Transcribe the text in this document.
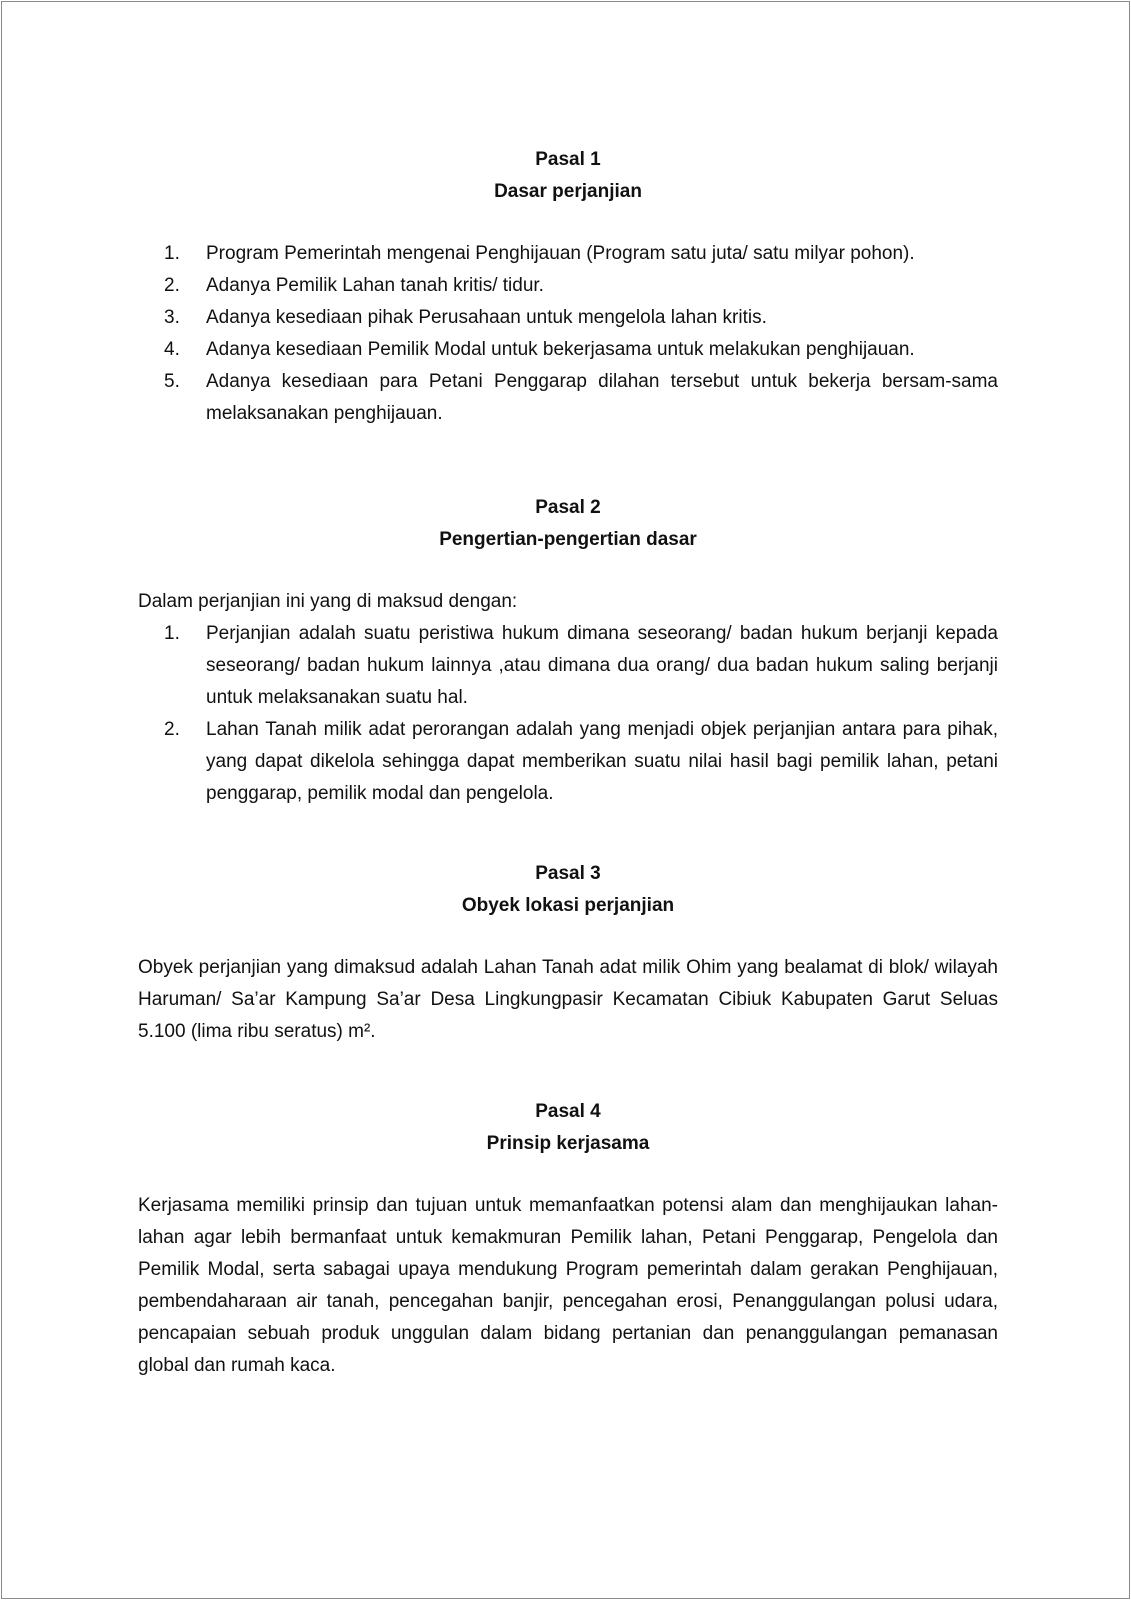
Pasal 1
Dasar perjanjian
1. Program Pemerintah mengenai Penghijauan (Program satu juta/ satu milyar pohon).
2. Adanya Pemilik Lahan tanah kritis/ tidur.
3. Adanya kesediaan pihak Perusahaan untuk mengelola lahan kritis.
4. Adanya kesediaan Pemilik Modal untuk bekerjasama untuk melakukan penghijauan.
5. Adanya kesediaan para Petani Penggarap dilahan tersebut untuk bekerja bersam-sama melaksanakan penghijauan.
Pasal 2
Pengertian-pengertian dasar

Dalam perjanjian ini yang di maksud dengan:

1. Perjanjian adalah suatu peristiwa hukum dimana seseorang/ badan hukum berjanji kepada seseorang/ badan hukum lainnya ,atau dimana dua orang/ dua badan hukum saling berjanji untuk melaksanakan suatu hal.
2. Lahan Tanah milik adat perorangan adalah yang menjadi objek perjanjian antara para pihak, yang dapat dikelola sehingga dapat memberikan suatu nilai hasil bagi pemilik lahan, petani penggarap, pemilik modal dan pengelola.
Pasal 3
Obyek lokasi perjanjian

Obyek perjanjian yang dimaksud adalah Lahan Tanah adat milik Ohim yang bealamat di blok/ wilayah Haruman/ Sa’ar Kampung Sa’ar Desa Lingkungpasir Kecamatan Cibiuk Kabupaten Garut Seluas 5.100 (lima ribu seratus) m².

Pasal 4
Prinsip kerjasama

Kerjasama memiliki prinsip dan tujuan untuk memanfaatkan potensi alam dan menghijaukan lahan-lahan agar lebih bermanfaat untuk kemakmuran Pemilik lahan, Petani Penggarap, Pengelola dan Pemilik Modal, serta sabagai upaya mendukung Program pemerintah dalam gerakan Penghijauan, pembendaharaan air tanah, pencegahan banjir, pencegahan erosi, Penanggulangan polusi udara, pencapaian sebuah produk unggulan dalam bidang pertanian dan penanggulangan pemanasan global dan rumah kaca.
